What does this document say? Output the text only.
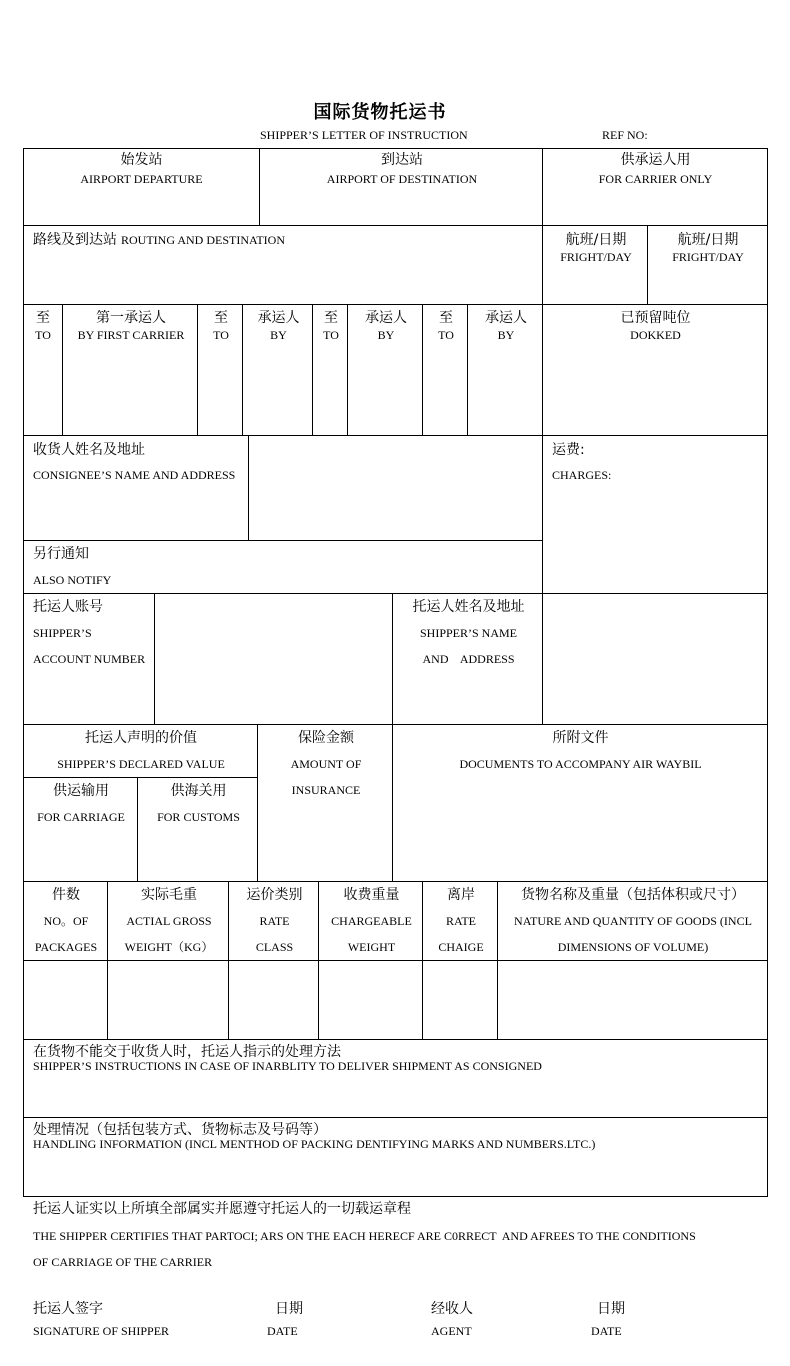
国际货物托运书
SHIPPER’S LETTER OF INSTRUCTION	REF NO:
始发站
AIRPORT DEPARTURE
到达站
AIRPORT OF DESTINATION
供承运人用
FOR CARRIER ONLY
路线及到达站 ROUTING AND DESTINATION	航班/日期
FRIGHT/DAY
航班/日期
FRIGHT/DAY
至
TO
第一承运人
BY FIRST CARRIER
至
TO
承运人
BY
至
TO
承运人
BY
至
TO
承运人
BY
已预留吨位
DOKKED
收货人姓名及地址
CONSIGNEE’S NAME AND ADDRESS
运费:
CHARGES:
另行通知
ALSO NOTIFY
托运人账号
SHIPPER’S
ACCOUNT NUMBER
托运人姓名及地址
SHIPPER’S NAME
AND    ADDRESS
托运人声明的价值
SHIPPER’S DECLARED VALUE
供运输用
FOR CARRIAGE
供海关用
FOR CUSTOMS
保险金额
AMOUNT OF
INSURANCE
所附文件
DOCUMENTS TO ACCOMPANY AIR WAYBIL
件数
NO。OF
PACKAGES
实际毛重
ACTIAL GROSS
WEIGHT（KG）
运价类别
RATE
CLASS
收费重量
CHARGEABLE
WEIGHT
离岸
RATE
CHAIGE
货物名称及重量（包括体积或尺寸）
NATURE AND QUANTITY OF GOODS (INCL
DIMENSIONS OF VOLUME)
在货物不能交于收货人时，托运人指示的处理方法
SHIPPER’S INSTRUCTIONS IN CASE OF INARBLITY TO DELIVER SHIPMENT AS CONSIGNED
处理情况（包括包装方式、货物标志及号码等）
HANDLING INFORMATION (INCL MENTHOD OF PACKING DENTIFYING MARKS AND NUMBERS.LTC.)
托运人证实以上所填全部属实并愿遵守托运人的一切载运章程
THE SHIPPER CERTIFIES THAT PARTOCI; ARS ON THE EACH HERECF ARE C0RRECT  AND AFREES TO THE CONDITIONS
OF CARRIAGE OF THE CARRIER
托运人签字
SIGNATURE OF SHIPPER
日期
DATE
经收人
AGENT
日期
DATE
